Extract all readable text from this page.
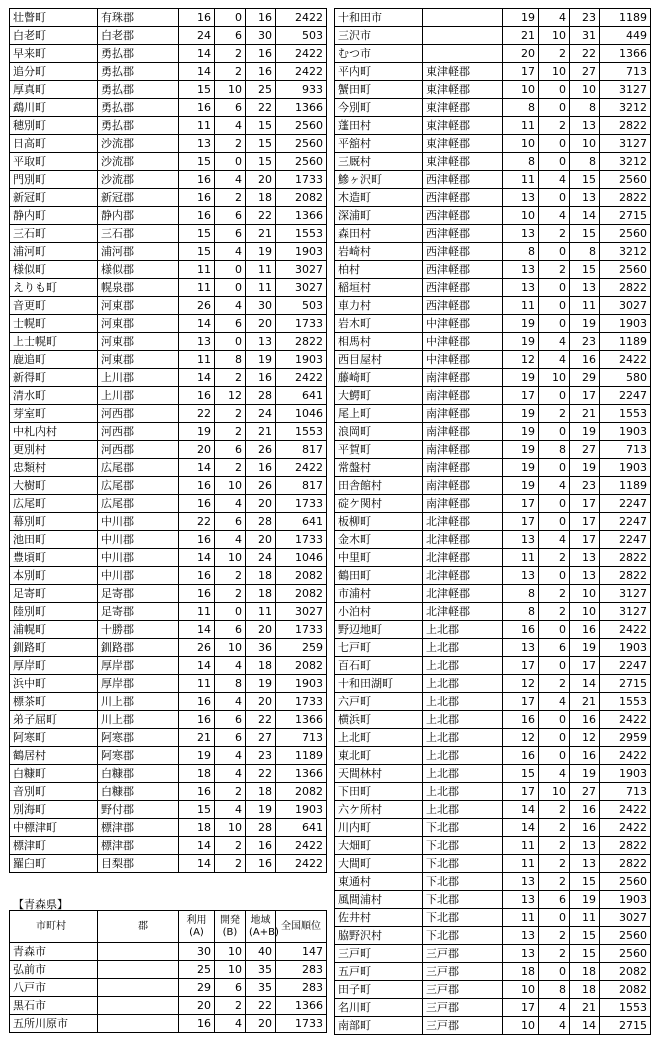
壮瞥町	有珠郡	16	0	16	2422
白老町	白老郡	24	6	30	503
早来町	勇払郡	14	2	16	2422
追分町	勇払郡	14	2	16	2422
厚真町	勇払郡	15	10	25	933
鵡川町	勇払郡	16	6	22	1366
穂別町	勇払郡	11	4	15	2560
日高町	沙流郡	13	2	15	2560
平取町	沙流郡	15	0	15	2560
門別町	沙流郡	16	4	20	1733
新冠町	新冠郡	16	2	18	2082
静内町	静内郡	16	6	22	1366
三石町	三石郡	15	6	21	1553
浦河町	浦河郡	15	4	19	1903
様似町	様似郡	11	0	11	3027
えりも町	幌泉郡	11	0	11	3027
音更町	河東郡	26	4	30	503
士幌町	河東郡	14	6	20	1733
上士幌町	河東郡	13	0	13	2822
鹿追町	河東郡	11	8	19	1903
新得町	上川郡	14	2	16	2422
清水町	上川郡	16	12	28	641
芽室町	河西郡	22	2	24	1046
中札内村	河西郡	19	2	21	1553
更別村	河西郡	20	6	26	817
忠類村	広尾郡	14	2	16	2422
大樹町	広尾郡	16	10	26	817
広尾町	広尾郡	16	4	20	1733
幕別町	中川郡	22	6	28	641
池田町	中川郡	16	4	20	1733
豊頃町	中川郡	14	10	24	1046
本別町	中川郡	16	2	18	2082
足寄町	足寄郡	16	2	18	2082
陸別町	足寄郡	11	0	11	3027
浦幌町	十勝郡	14	6	20	1733
釧路町	釧路郡	26	10	36	259
厚岸町	厚岸郡	14	4	18	2082
浜中町	厚岸郡	11	8	19	1903
標茶町	川上郡	16	4	20	1733
弟子屈町	川上郡	16	6	22	1366
阿寒町	阿寒郡	21	6	27	713
鶴居村	阿寒郡	19	4	23	1189
白糠町	白糠郡	18	4	22	1366
音別町	白糠郡	16	2	18	2082
別海町	野付郡	15	4	19	1903
中標津町	標津郡	18	10	28	641
標津町	標津郡	14	2	16	2422
羅臼町	目梨郡	14	2	16	2422
十和田市		19	4	23	1189
三沢市		21	10	31	449
むつ市		20	2	22	1366
平内町	東津軽郡	17	10	27	713
蟹田町	東津軽郡	10	0	10	3127
今別町	東津軽郡	8	0	8	3212
蓬田村	東津軽郡	11	2	13	2822
平舘村	東津軽郡	10	0	10	3127
三厩村	東津軽郡	8	0	8	3212
鰺ヶ沢町	西津軽郡	11	4	15	2560
木造町	西津軽郡	13	0	13	2822
深浦町	西津軽郡	10	4	14	2715
森田村	西津軽郡	13	2	15	2560
岩崎村	西津軽郡	8	0	8	3212
柏村	西津軽郡	13	2	15	2560
稲垣村	西津軽郡	13	0	13	2822
車力村	西津軽郡	11	0	11	3027
岩木町	中津軽郡	19	0	19	1903
相馬村	中津軽郡	19	4	23	1189
西目屋村	中津軽郡	12	4	16	2422
藤崎町	南津軽郡	19	10	29	580
大鰐町	南津軽郡	17	0	17	2247
尾上町	南津軽郡	19	2	21	1553
浪岡町	南津軽郡	19	0	19	1903
平賀町	南津軽郡	19	8	27	713
常盤村	南津軽郡	19	0	19	1903
田舎館村	南津軽郡	19	4	23	1189
碇ケ関村	南津軽郡	17	0	17	2247
板柳町	北津軽郡	17	0	17	2247
金木町	北津軽郡	13	4	17	2247
中里町	北津軽郡	11	2	13	2822
鶴田町	北津軽郡	13	0	13	2822
市浦村	北津軽郡	8	2	10	3127
小泊村	北津軽郡	8	2	10	3127
野辺地町	上北郡	16	0	16	2422
七戸町	上北郡	13	6	19	1903
百石町	上北郡	17	0	17	2247
十和田湖町	上北郡	12	2	14	2715
六戸町	上北郡	17	4	21	1553
横浜町	上北郡	16	0	16	2422
上北町	上北郡	12	0	12	2959
東北町	上北郡	16	0	16	2422
天間林村	上北郡	15	4	19	1903
下田町	上北郡	17	10	27	713
六ケ所村	上北郡	14	2	16	2422
川内町	下北郡	14	2	16	2422
大畑町	下北郡	11	2	13	2822
大間町	下北郡	11	2	13	2822
東通村	下北郡	13	2	15	2560
風間浦村	下北郡	13	6	19	1903
佐井村	下北郡	11	0	11	3027
脇野沢村	下北郡	13	2	15	2560
三戸町	三戸郡	13	2	15	2560
五戸町	三戸郡	18	0	18	2082
田子町	三戸郡	10	8	18	2082
名川町	三戸郡	17	4	21	1553
南部町	三戸郡	10	4	14	2715
【青森県】
市町村	郡	利用(A)	開発(B)	地域(A+B)	全国順位
青森市		30	10	40	147
弘前市		25	10	35	283
八戸市		29	6	35	283
黒石市		20	2	22	1366
五所川原市		16	4	20	1733
